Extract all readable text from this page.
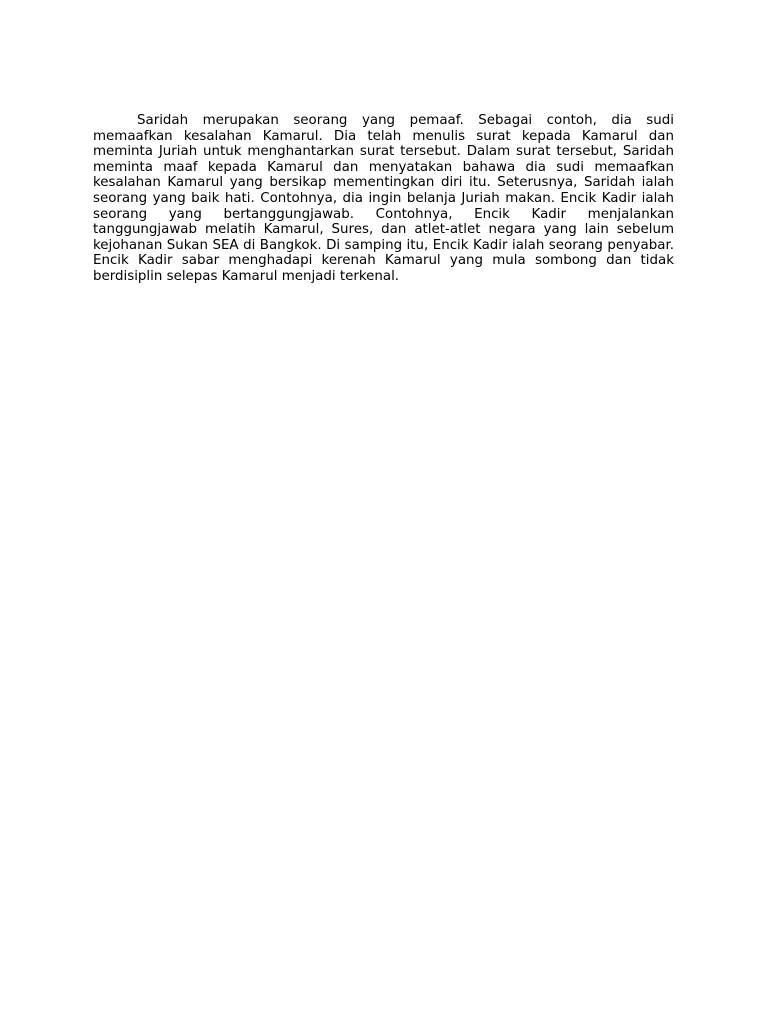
Saridah merupakan seorang yang pemaaf. Sebagai contoh, dia sudi memaafkan kesalahan Kamarul. Dia telah menulis surat kepada Kamarul dan meminta Juriah untuk menghantarkan surat tersebut. Dalam surat tersebut, Saridah meminta maaf kepada Kamarul dan menyatakan bahawa dia sudi memaafkan kesalahan Kamarul yang bersikap mementingkan diri itu. Seterusnya, Saridah ialah seorang yang baik hati. Contohnya, dia ingin belanja Juriah makan. Encik Kadir ialah seorang yang bertanggungjawab. Contohnya, Encik Kadir menjalankan tanggungjawab melatih Kamarul, Sures, dan atlet-atlet negara yang lain sebelum kejohanan Sukan SEA di Bangkok. Di samping itu, Encik Kadir ialah seorang penyabar. Encik Kadir sabar menghadapi kerenah Kamarul yang mula sombong dan tidak berdisiplin selepas Kamarul menjadi terkenal.
